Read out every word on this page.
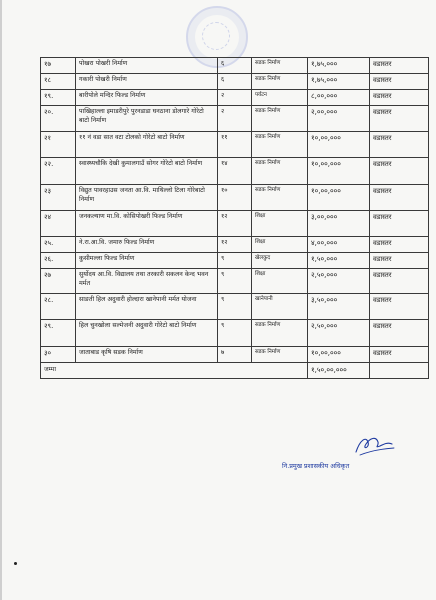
१७	पोखरा पोखरी निर्माण	६	सडक निर्माण	१,७५,०००	वडास्तर
१८	गकारी पोखरी निर्माण	६	सडक निर्माण	१,७५,०००	वडास्तर
१९.	बारीपोले मन्दिर फिल्ड निर्माण	२	पर्यटन	८,००,०००	वडास्तर
२०.	पाखिहाल्ला इमाडरीपुरे पुरनडाडा घनठाना डोलगारे गोरेटो बाटो निर्माण	२	सडक निर्माण	२,००,०००	वडास्तर
२१	११ नं वडा सात वटा टोलको गोरेटो बाटो निर्माण	११	सडक निर्माण	१०,००,०००	वडास्तर
२२.	स्वास्थ्यचौकि देखी कुमालगाउँ सोगर गोरेटो बाटो निर्माण	१४	सडक निर्माण	१०,००,०००	वडास्तर
२३	विद्युत पावरहाउस जनता आ.वि. माथिल्लो टिला गोरेबाटो निर्माण	१०	सडक निर्माण	१०,००,०००	वडास्तर
२४	जनकल्याण मा.वि. कोसिपोखरी फिल्ड निर्माण	१२	शिक्षा	३,००,०००	वडास्तर
२५.	ने.रा.आ.वि. जमारु फिल्ड निर्माण	१२	शिक्षा	४,००,०००	वडास्तर
२६.	कुसीमल्ला फिल्ड निर्माण	९	खेलकुद	१,५०,०००	वडास्तर
२७	सुर्योदय आ.वि. विद्यालय तथा तरकारी सकलन केन्द भवन मर्मत	९	शिक्षा	२,५०,०००	वडास्तर
२८.	साङती हिल अदुवारी होल्दारा खानेपानी मर्मत योजना	९	खानेपानी	३,५०,०००	वडास्तर
२९.	हिल चुनखोला सल्मेजनी अदुवारी गोरेटो बाटो निर्माण	९	सडक निर्माण	२,५०,०००	वडास्तर
३०	जाताबाड कृषि सडक निर्माण	७	सडक निर्माण	१०,००,०००	वडास्तर
जम्मा				१,५०,००,०००	
नि.प्रमुख प्रशासकीय अधिकृत
